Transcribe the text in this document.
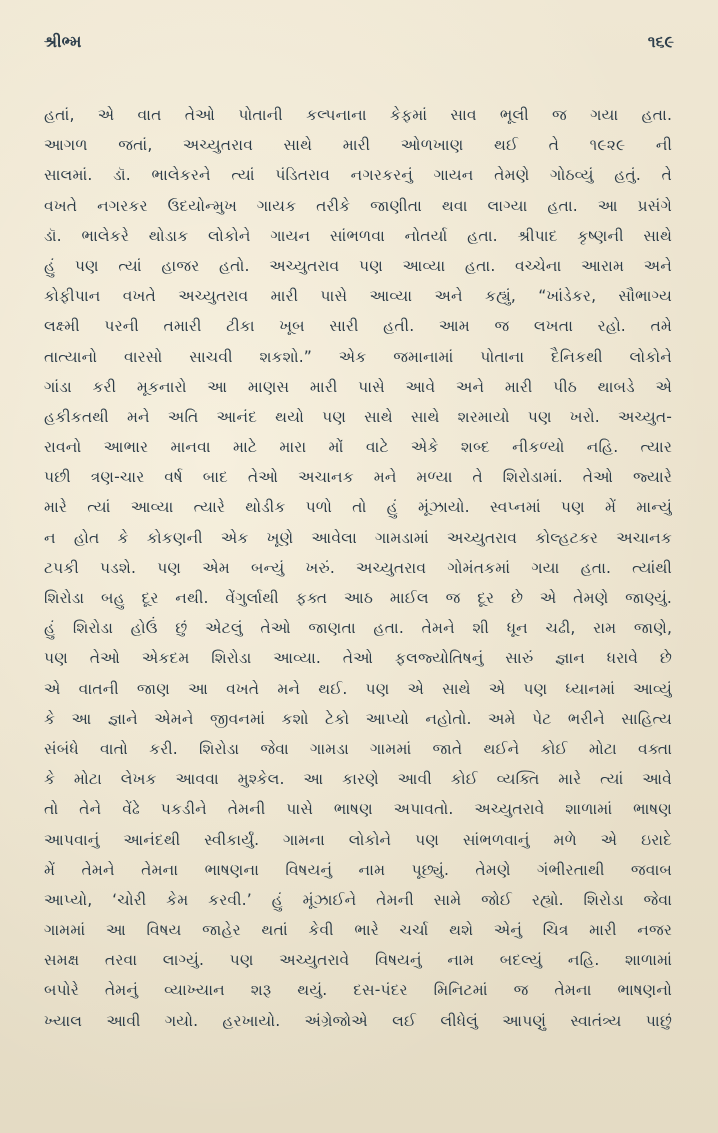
શ્રીભ્મ	૧૬૯
હતાં, એ વાત તેઓ પોતાની કલ્પનાના કેફમાં સાવ ભૂલી જ ગયા હતા.
આગળ જતાં, અચ્યુતરાવ સાથે મારી ઓળખાણ થઈ તે ૧૯૨૯ ની
સાલમાં. ડૉ. ભાલેકરને ત્યાં પંડિતરાવ નગરકરનું ગાયન તેમણે ગોઠવ્યું હતું. તે
વખતે નગરકર ઉદયોન્મુખ ગાયક તરીકે જાણીતા થવા લાગ્યા હતા. આ પ્રસંગે
ડૉ. ભાલેકરે થોડાક લોકોને ગાયન સાંભળવા નોતર્યા હતા. શ્રીપાદ કૃષ્ણની સાથે
હું પણ ત્યાં હાજર હતો. અચ્યુતરાવ પણ આવ્યા હતા. વચ્ચેના આરામ અને
કોફીપાન વખતે અચ્યુતરાવ મારી પાસે આવ્યા અને કહ્યું, “ખાંડેકર, સૌભાગ્ય
લક્ષ્મી પરની તમારી ટીકા ખૂબ સારી હતી. આમ જ લખતા રહો. તમે
તાત્યાનો વારસો સાચવી શકશો.” એક જમાનામાં પોતાના દૈનિકથી લોકોને
ગાંડા કરી મૂકનારો આ માણસ મારી પાસે આવે અને મારી પીઠ થાબડે એ
હકીકતથી મને અતિ આનંદ થયો પણ સાથે સાથે શરમાયો પણ ખરો. અચ્યુત-
રાવનો આભાર માનવા માટે મારા મોં વાટે એકે શબ્દ નીકળ્યો નહિ. ત્યાર
પછી ત્રણ-ચાર વર્ષ બાદ તેઓ અચાનક મને મળ્યા તે શિરોડામાં. તેઓ જ્યારે
મારે ત્યાં આવ્યા ત્યારે થોડીક પળો તો હું મૂંઝાયો. સ્વપ્નમાં પણ મેં માન્યું
ન હોત કે કોકણની એક ખૂણે આવેલા ગામડામાં અચ્યુતરાવ કોલ્હટકર અચાનક
ટપકી પડશે. પણ એમ બન્યું ખરું. અચ્યુતરાવ ગોમંતકમાં ગયા હતા. ત્યાંથી
શિરોડા બહુ દૂર નથી. વેંગુર્લાથી ફક્ત આઠ માઈલ જ દૂર છે એ તેમણે જાણ્યું.
હું શિરોડા હોઉં છું એટલું તેઓ જાણતા હતા. તેમને શી ધૂન ચઢી, રામ જાણે,
પણ તેઓ એકદમ શિરોડા આવ્યા. તેઓ ફલજ્યોતિષનું સારું જ્ઞાન ધરાવે છે
એ વાતની જાણ આ વખતે મને થઈ. પણ એ સાથે એ પણ ધ્યાનમાં આવ્યું
કે આ જ્ઞાને એમને જીવનમાં કશો ટેકો આપ્યો નહોતો. અમે પેટ ભરીને સાહિત્ય
સંબંધે વાતો કરી. શિરોડા જેવા ગામડા ગામમાં જાતે થઈને કોઈ મોટા વક્તા
કે મોટા લેખક આવવા મુશ્કેલ. આ કારણે આવી કોઈ વ્યક્તિ મારે ત્યાં આવે
તો તેને વેંઢે પકડીને તેમની પાસે ભાષણ અપાવતો. અચ્યુતરાવે શાળામાં ભાષણ
આપવાનું આનંદથી સ્વીકાર્યું. ગામના લોકોને પણ સાંભળવાનું મળે એ ઇરાદે
મેં તેમને તેમના ભાષણના વિષયનું નામ પૂછ્યું. તેમણે ગંભીરતાથી જવાબ
આપ્યો, ‘ચોરી કેમ કરવી.’ હું મૂંઝાઈને તેમની સામે જોઈ રહ્યો. શિરોડા જેવા
ગામમાં આ વિષય જાહેર થતાં કેવી ભારે ચર્ચા થશે એનું ચિત્ર મારી નજર
સમક્ષ તરવા લાગ્યું. પણ અચ્યુતરાવે વિષયનું નામ બદલ્યું નહિ. શાળામાં
બપોરે તેમનું વ્યાખ્યાન શરૂ થયું. દસ-પંદર મિનિટમાં જ તેમના ભાષણનો
ખ્યાલ આવી ગયો. હરખાયો. અંગ્રેજોએ લઈ લીધેલું આપણું સ્વાતંત્ર્ય પાછું
